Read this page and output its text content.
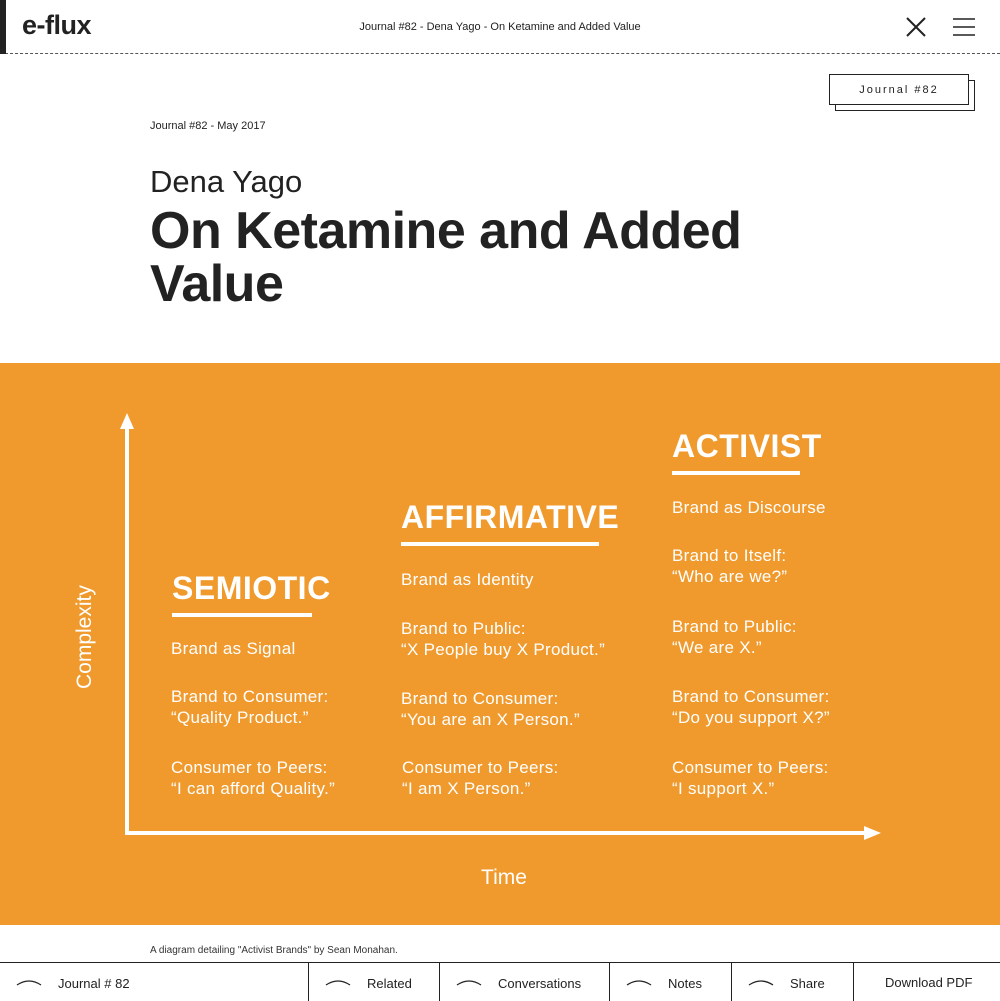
e-flux	Journal #82 - Dena Yago - On Ketamine and Added Value
Journal #82
Journal #82 - May 2017
Dena Yago
On Ketamine and Added Value
Complexity
Time
SEMIOTIC
Brand as Signal
Brand to Consumer:
“Quality Product.”
Consumer to Peers:
“I can afford Quality.”
AFFIRMATIVE
Brand as Identity
Brand to Public:
“X People buy X Product.”
Brand to Consumer:
“You are an X Person.”
Consumer to Peers:
“I am X Person.”
ACTIVIST
Brand as Discourse
Brand to Itself:
“Who are we?”
Brand to Public:
“We are X.”
Brand to Consumer:
“Do you support X?”
Consumer to Peers:
“I support X.”
A diagram detailing "Activist Brands" by Sean Monahan.
Journal # 82	Related	Conversations	Notes	Share	Download PDF
